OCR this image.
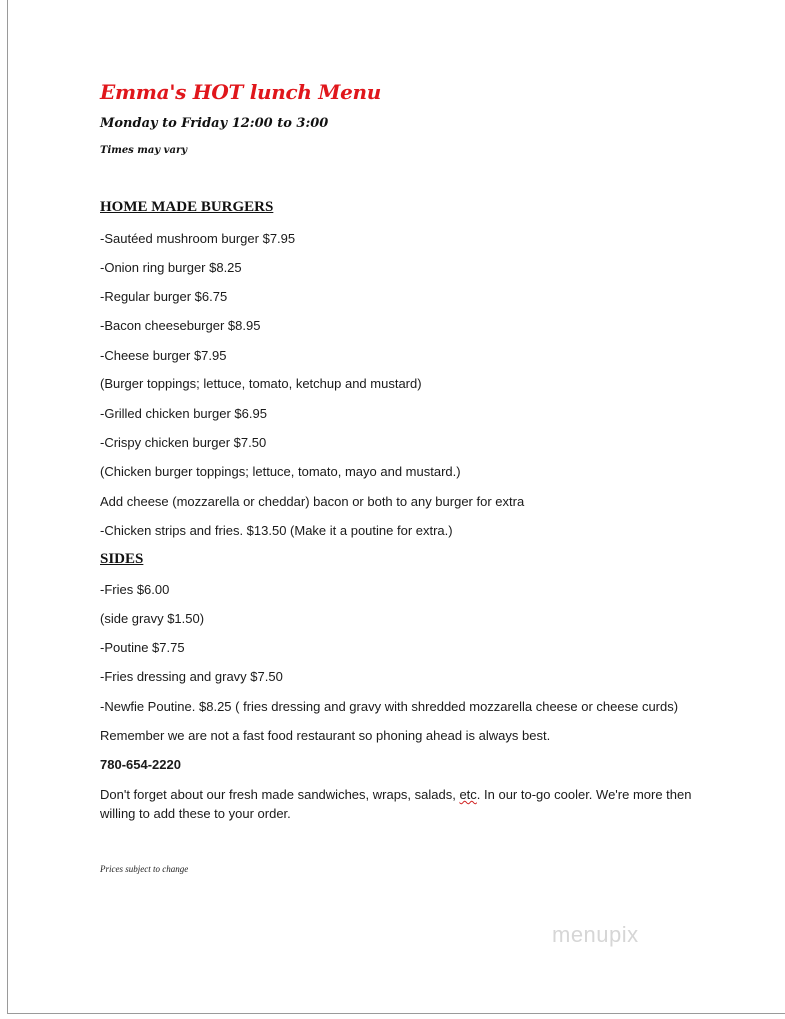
Emma's HOT lunch Menu
Monday to Friday 12:00 to 3:00
Times may vary
HOME MADE BURGERS
-Sautéed mushroom burger $7.95
-Onion ring burger $8.25
-Regular burger $6.75
-Bacon cheeseburger $8.95
-Cheese burger $7.95
(Burger toppings; lettuce, tomato, ketchup and mustard)
-Grilled chicken burger $6.95
-Crispy chicken burger $7.50
(Chicken burger toppings; lettuce, tomato, mayo and mustard.)
Add cheese (mozzarella or cheddar) bacon or both to any burger for extra
-Chicken strips and fries. $13.50 (Make it a poutine for extra.)
SIDES
-Fries $6.00
(side gravy $1.50)
-Poutine $7.75
-Fries dressing and gravy $7.50
-Newfie Poutine. $8.25 ( fries dressing and gravy with shredded mozzarella cheese or cheese curds)
Remember we are not a fast food restaurant so phoning ahead is always best.
780-654-2220
Don't forget about our fresh made sandwiches, wraps, salads, etc. In our to-go cooler. We're more then
willing to add these to your order.
Prices subject to change
menupix
